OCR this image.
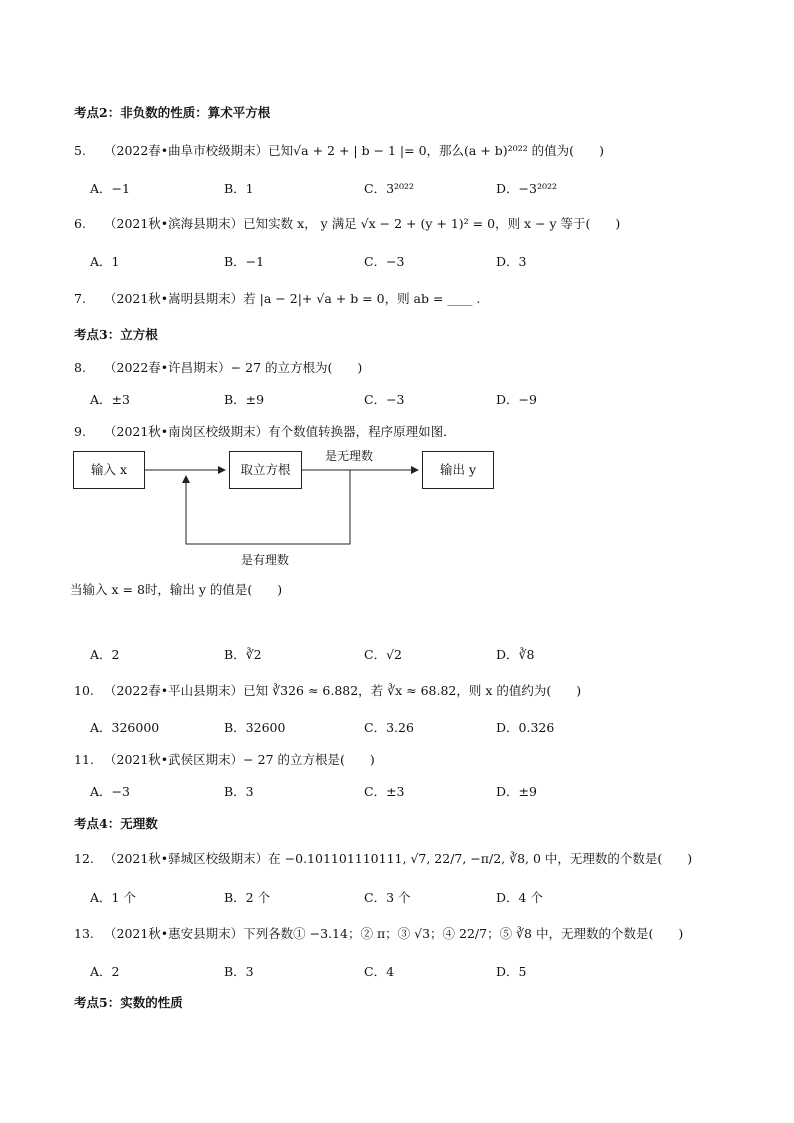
考点2：非负数的性质：算术平方根
5. （2022春•曲阜市校级期末）已知√a + 2 + | b − 1 |= 0，那么(a + b)²⁰²² 的值为(　　)
A．−1	B．1	C．3²⁰²²	D．−3²⁰²²
6. （2021秋•滨海县期末）已知实数 x， y 满足 √x − 2 + (y + 1)² = 0，则 x − y 等于(　　)
A．1	B．−1	C．−3	D．3
7. （2021秋•嵩明县期末）若 |a − 2|+ √a + b = 0，则 ab = ____ .
考点3：立方根
8. （2022春•许昌期末）− 27 的立方根为(　　)
A．±3	B．±9	C．−3	D．−9
9. （2021秋•南岗区校级期末）有个数值转换器，程序原理如图．
输入 x	取立方根	输出 y
是无理数
是有理数
当输入 x = 8时，输出 y 的值是(　　)
A．2	B．∛2	C．√2	D．∛8
10. （2022春•平山县期末）已知 ∛326 ≈ 6.882，若 ∛x ≈ 68.82，则 x 的值约为(　　)
A．326000	B．32600	C．3.26	D．0.326
11. （2021秋•武侯区期末）− 27 的立方根是(　　)
A．−3	B．3	C．±3	D．±9
考点4：无理数
12. （2021秋•驿城区校级期末）在 −0.101101110111, √7, 22/7, −π/2, ∛8, 0 中，无理数的个数是(　　)
A．1 个	B．2 个	C．3 个	D．4 个
13. （2021秋•惠安县期末）下列各数① −3.14；② π；③ √3；④ 22/7；⑤ ∛8 中，无理数的个数是(　　)
A．2	B．3	C．4	D．5
考点5：实数的性质
